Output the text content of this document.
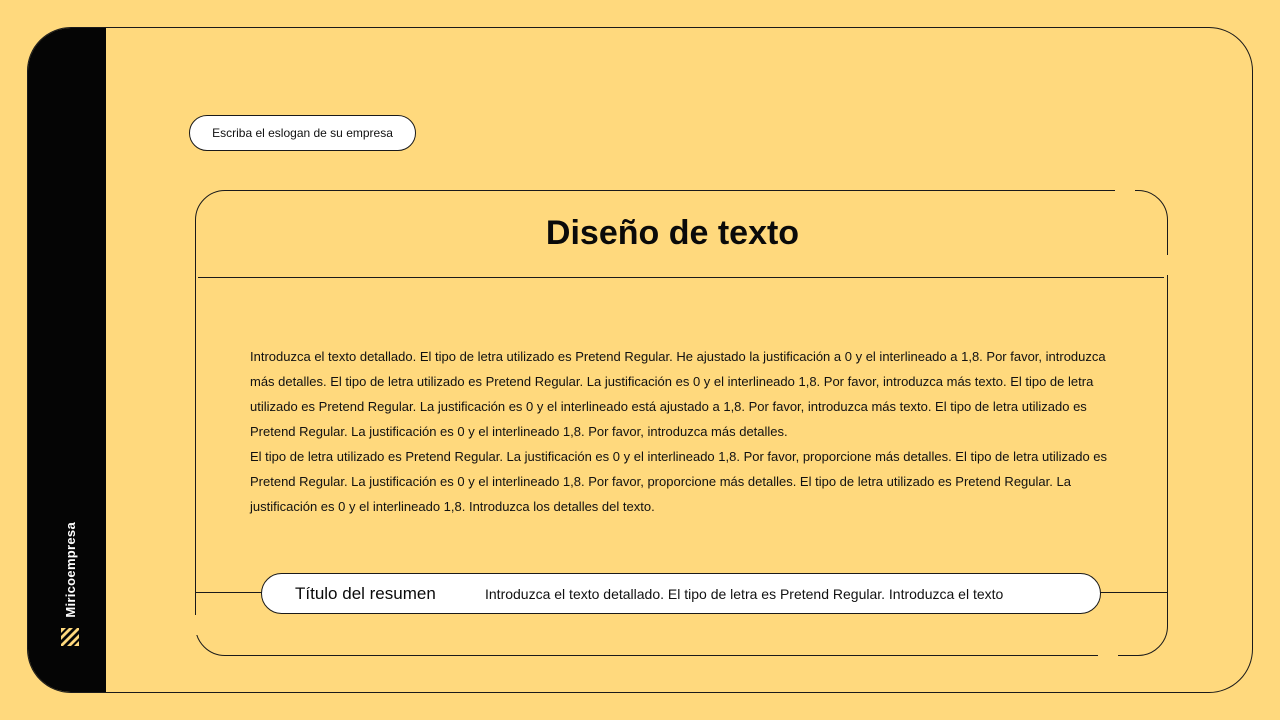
Miricoempresa
Escriba el eslogan de su empresa
Diseño de texto

Introduzca el texto detallado. El tipo de letra utilizado es Pretend Regular. He ajustado la justificación a 0 y el interlineado a 1,8. Por favor, introduzca más detalles. El tipo de letra utilizado es Pretend Regular. La justificación es 0 y el interlineado 1,8. Por favor, introduzca más texto. El tipo de letra utilizado es Pretend Regular. La justificación es 0 y el interlineado está ajustado a 1,8. Por favor, introduzca más texto. El tipo de letra utilizado es Pretend Regular. La justificación es 0 y el interlineado 1,8. Por favor, introduzca más detalles.

El tipo de letra utilizado es Pretend Regular. La justificación es 0 y el interlineado 1,8. Por favor, proporcione más detalles. El tipo de letra utilizado es Pretend Regular. La justificación es 0 y el interlineado 1,8. Por favor, proporcione más detalles. El tipo de letra utilizado es Pretend Regular. La justificación es 0 y el interlineado 1,8. Introduzca los detalles del texto.

Título del resumen	Introduzca el texto detallado. El tipo de letra es Pretend Regular. Introduzca el texto
